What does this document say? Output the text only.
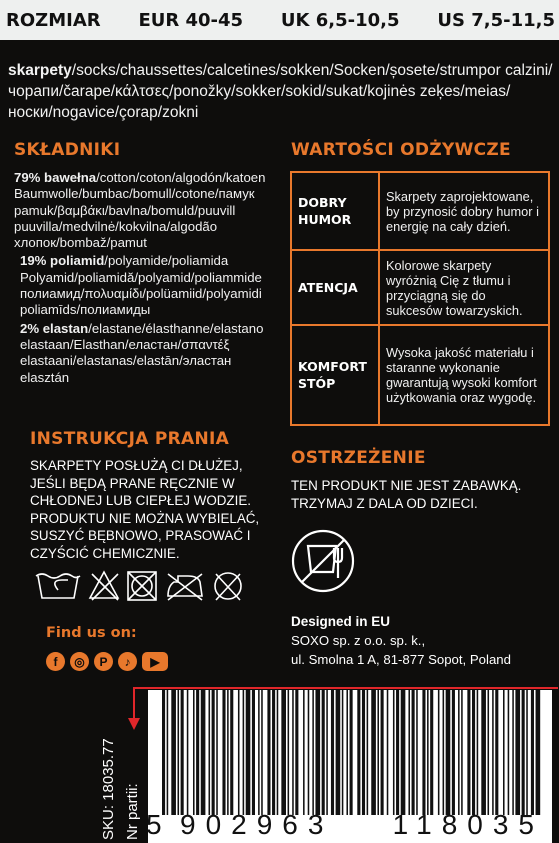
ROZMIAR EUR 40-45 UK 6,5-10,5 US 7,5-11,5
skarpety/socks/chaussettes/calcetines/sokken/Socken/șosete/strumpor calzini/чорапи/čarape/κάλτσες/ponožky/sokker/sokid/sukat/kojinės zeķes/meias/носки/nogavice/çorap/zokni
SKŁADNIKI	WARTOŚCI ODŻYWCZE
79% bawełna/cotton/coton/algodón/katoen Baumwolle/bumbac/bomull/cotone/памук pamuk/βαμβάκι/bavlna/bomuld/puuvill puuvilla/medvilnė/kokvilna/algodão хлопок/bombaž/pamut
19% poliamid/polyamide/poliamida Polyamid/poliamidă/polyamid/poliammide полиамид/πολυαμίδι/polüamiid/polyamidi poliamīds/полиамиды
2% elastan/elastane/élasthanne/elastano elastaan/Elasthan/еластан/σπαντέξ elastaani/elastanas/elastān/эластан elasztán
DOBRY HUMOR	Skarpety zaprojektowane, by przynosić dobry humor i energię na cały dzień.
ATENCJA	Kolorowe skarpety wyróżnią Cię z tłumu i przyciągną się do sukcesów towarzyskich.
KOMFORT STÓP	Wysoka jakość materiału i staranne wykonanie gwarantują wysoki komfort użytkowania oraz wygodę.
INSTRUKCJA PRANIA
SKARPETY POSŁUŻĄ CI DŁUŻEJ, JEŚLI BĘDĄ PRANE RĘCZNIE W CHŁODNEJ LUB CIEPŁEJ WODZIE. PRODUKTU NIE MOŻNA WYBIELAĆ, SUSZYĆ BĘBNOWO, PRASOWAĆ I CZYŚCIĆ CHEMICZNIE.
OSTRZEŻENIE
TEN PRODUKT NIE JEST ZABAWKĄ. TRZYMAJ Z DALA OD DZIECI.
Find us on:
f	◎	P	♪	▶
Designed in EU
SOXO sp. z o.o. sp. k.,
ul. Smolna 1 A, 81-877 Sopot, Poland
SKU: 18035.77 Nr partii: 5 902963 118035
